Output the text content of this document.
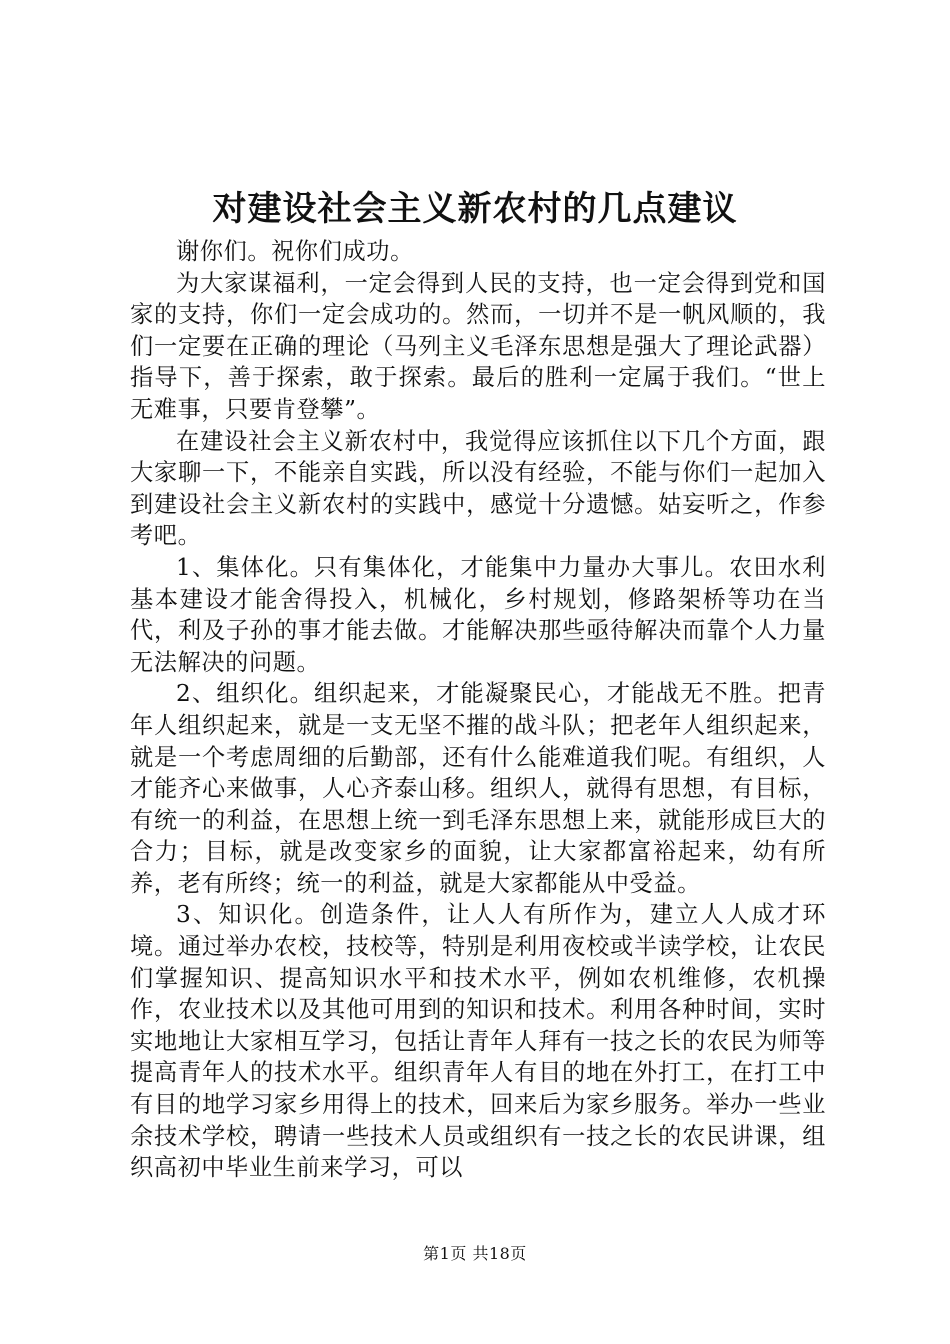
对建设社会主义新农村的几点建议

谢你们。祝你们成功。

为大家谋福利，一定会得到人民的支持，也一定会得到党和国家的支持，你们一定会成功的。然而，一切并不是一帆风顺的，我们一定要在正确的理论（马列主义毛泽东思想是强大了理论武器）指导下，善于探索，敢于探索。最后的胜利一定属于我们。“世上无难事，只要肯登攀”。

在建设社会主义新农村中，我觉得应该抓住以下几个方面，跟大家聊一下，不能亲自实践，所以没有经验，不能与你们一起加入到建设社会主义新农村的实践中，感觉十分遗憾。姑妄听之，作参考吧。

1、集体化。只有集体化，才能集中力量办大事儿。农田水利基本建设才能舍得投入，机械化，乡村规划，修路架桥等功在当代，利及子孙的事才能去做。才能解决那些亟待解决而靠个人力量无法解决的问题。

2、组织化。组织起来，才能凝聚民心，才能战无不胜。把青年人组织起来，就是一支无坚不摧的战斗队；把老年人组织起来，就是一个考虑周细的后勤部，还有什么能难道我们呢。有组织，人才能齐心来做事，人心齐泰山移。组织人，就得有思想，有目标，有统一的利益，在思想上统一到毛泽东思想上来，就能形成巨大的合力；目标，就是改变家乡的面貌，让大家都富裕起来，幼有所养，老有所终；统一的利益，就是大家都能从中受益。

3、知识化。创造条件，让人人有所作为，建立人人成才环境。通过举办农校，技校等，特别是利用夜校或半读学校，让农民们掌握知识、提高知识水平和技术水平，例如农机维修，农机操作，农业技术以及其他可用到的知识和技术。利用各种时间，实时实地地让大家相互学习，包括让青年人拜有一技之长的农民为师等提高青年人的技术水平。组织青年人有目的地在外打工，在打工中有目的地学习家乡用得上的技术，回来后为家乡服务。举办一些业余技术学校，聘请一些技术人员或组织有一技之长的农民讲课，组织高初中毕业生前来学习，可以

第1页 共18页
